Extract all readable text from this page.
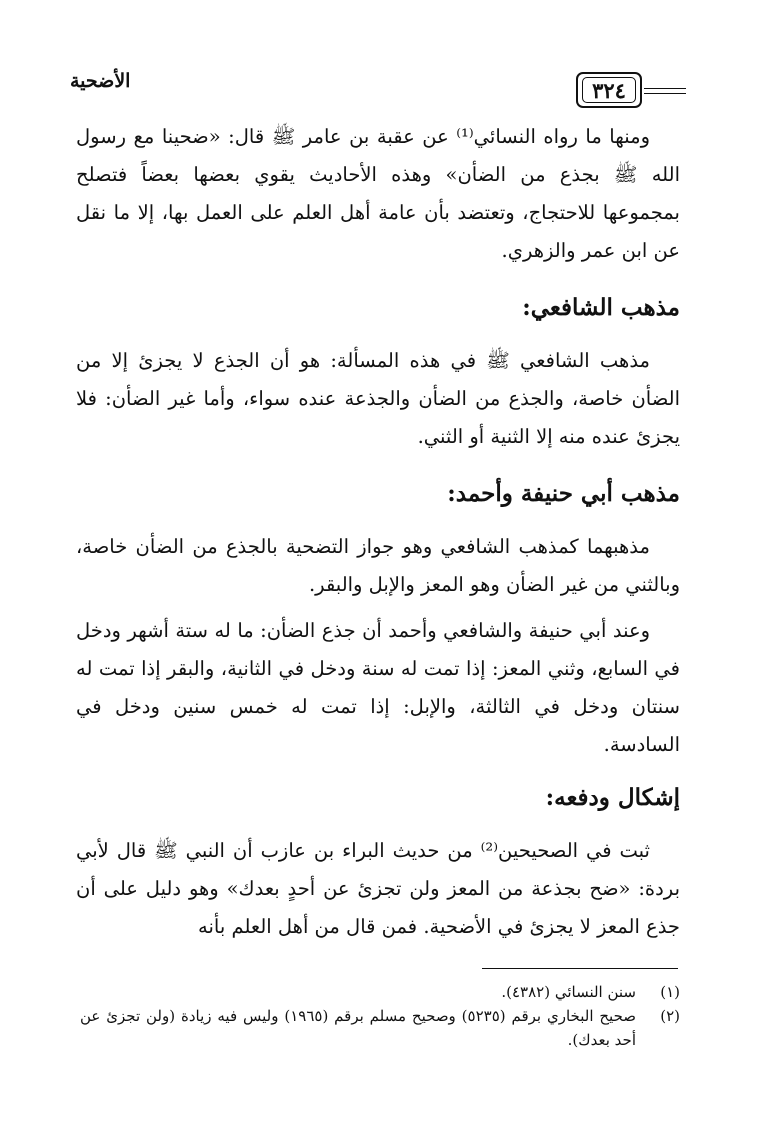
٣٢٤
الأضحية

ومنها ما رواه النسائي⁽¹⁾ عن عقبة بن عامر ﷺ قال: «ضحينا مع رسول الله ﷺ بجذع من الضأن» وهذه الأحاديث يقوي بعضها بعضاً فتصلح بمجموعها للاحتجاج، وتعتضد بأن عامة أهل العلم على العمل بها، إلا ما نقل عن ابن عمر والزهري.

مذهب الشافعي:

مذهب الشافعي ﷺ في هذه المسألة: هو أن الجذع لا يجزئ إلا من الضأن خاصة، والجذع من الضأن والجذعة عنده سواء، وأما غير الضأن: فلا يجزئ عنده منه إلا الثنية أو الثني.

مذهب أبي حنيفة وأحمد:

مذهبهما كمذهب الشافعي وهو جواز التضحية بالجذع من الضأن خاصة، وبالثني من غير الضأن وهو المعز والإبل والبقر.

وعند أبي حنيفة والشافعي وأحمد أن جذع الضأن: ما له ستة أشهر ودخل في السابع، وثني المعز: إذا تمت له سنة ودخل في الثانية، والبقر إذا تمت له سنتان ودخل في الثالثة، والإبل: إذا تمت له خمس سنين ودخل في السادسة.

إشكال ودفعه:

ثبت في الصحيحين⁽²⁾ من حديث البراء بن عازب أن النبي ﷺ قال لأبي بردة: «ضح بجذعة من المعز ولن تجزئ عن أحدٍ بعدك» وهو دليل على أن جذع المعز لا يجزئ في الأضحية. فمن قال من أهل العلم بأنه

(١)
سنن النسائي (٤٣٨٢).
(٢)
صحيح البخاري برقم (٥٢٣٥) وصحيح مسلم برقم (١٩٦٥) وليس فيه زيادة (ولن تجزئ عن أحد بعدك).
